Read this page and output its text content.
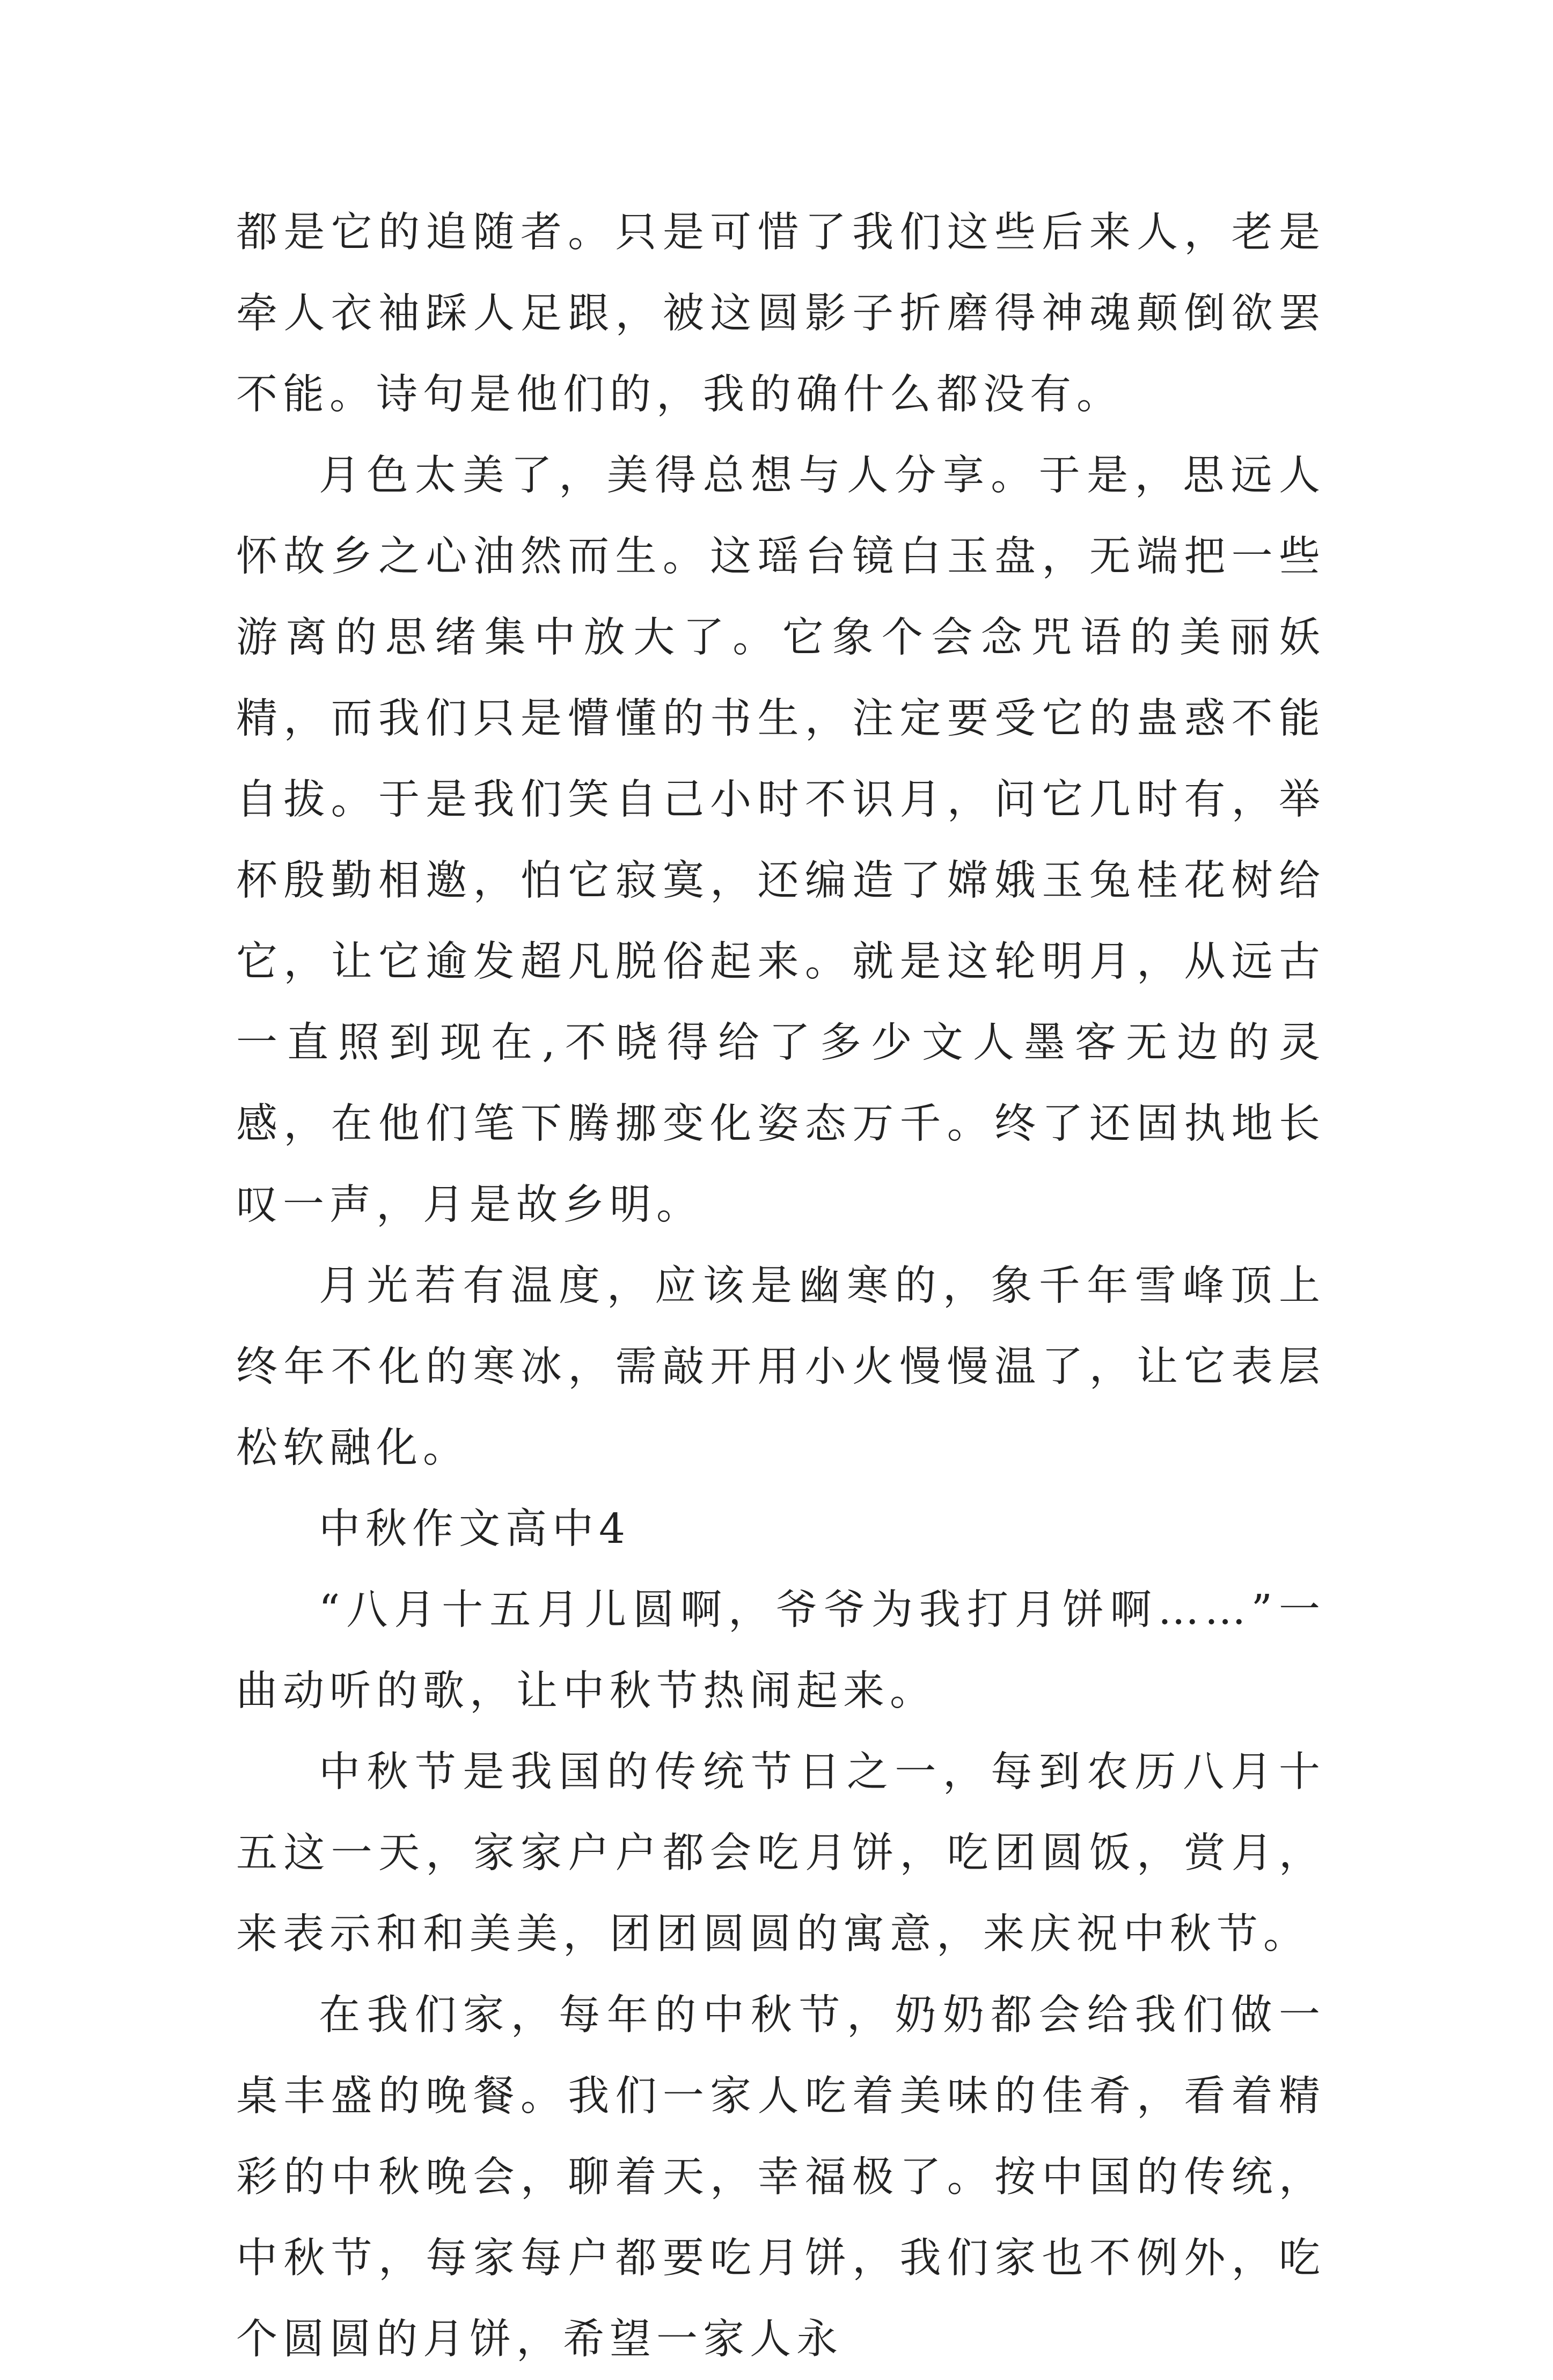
都是它的追随者。只是可惜了我们这些后来人，老是牵人衣袖踩人足跟，被这圆影子折磨得神魂颠倒欲罢不能。诗句是他们的，我的确什么都没有。

月色太美了，美得总想与人分享。于是，思远人怀故乡之心油然而生。这瑶台镜白玉盘，无端把一些游离的思绪集中放大了。它象个会念咒语的美丽妖精，而我们只是懵懂的书生，注定要受它的蛊惑不能自拔。于是我们笑自己小时不识月，问它几时有，举杯殷勤相邀，怕它寂寞，还编造了嫦娥玉兔桂花树给它，让它逾发超凡脱俗起来。就是这轮明月，从远古一直照到现在,不晓得给了多少文人墨客无边的灵感，在他们笔下腾挪变化姿态万千。终了还固执地长叹一声，月是故乡明。

月光若有温度，应该是幽寒的，象千年雪峰顶上终年不化的寒冰，需敲开用小火慢慢温了，让它表层松软融化。

中秋作文高中4

“八月十五月儿圆啊，爷爷为我打月饼啊……”一曲动听的歌，让中秋节热闹起来。

中秋节是我国的传统节日之一，每到农历八月十五这一天，家家户户都会吃月饼，吃团圆饭，赏月，来表示和和美美，团团圆圆的寓意，来庆祝中秋节。

在我们家，每年的中秋节，奶奶都会给我们做一桌丰盛的晚餐。我们一家人吃着美味的佳肴，看着精彩的中秋晚会，聊着天，幸福极了。按中国的传统，中秋节，每家每户都要吃月饼，我们家也不例外，吃个圆圆的月饼，希望一家人永
